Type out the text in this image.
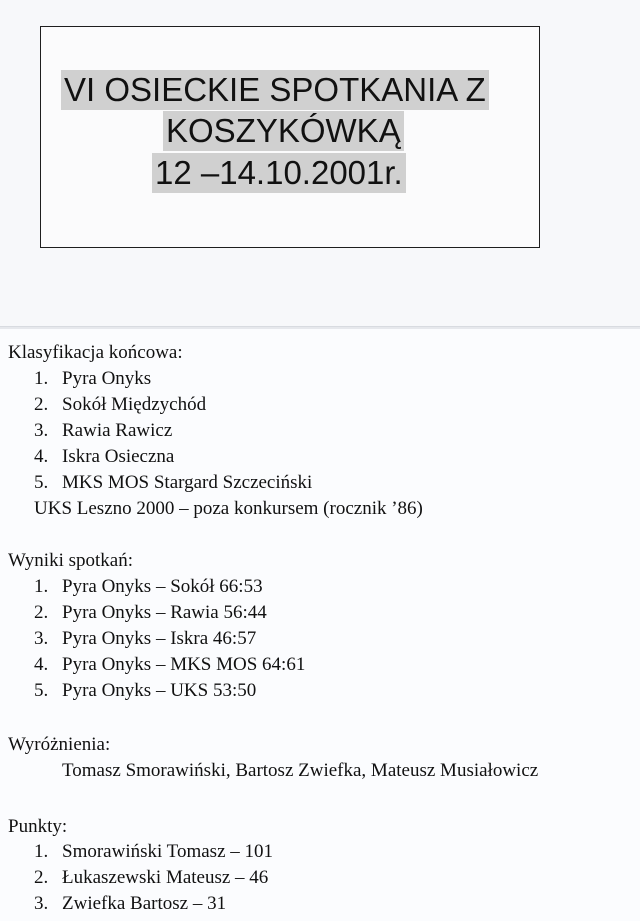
VI OSIECKIE SPOTKANIA Z
KOSZYKÓWKĄ
12 –14.10.2001r.
Klasyfikacja końcowa:
1. Pyra Onyks
2. Sokół Międzychód
3. Rawia Rawicz
4. Iskra Osieczna
5. MKS MOS Stargard Szczeciński
UKS Leszno 2000 – poza konkursem (rocznik ’86)
Wyniki spotkań:
1. Pyra Onyks – Sokół 66:53
2. Pyra Onyks – Rawia 56:44
3. Pyra Onyks – Iskra 46:57
4. Pyra Onyks – MKS MOS 64:61
5. Pyra Onyks – UKS 53:50
Wyróżnienia:
Tomasz Smorawiński, Bartosz Zwiefka, Mateusz Musiałowicz
Punkty:
1. Smorawiński Tomasz – 101
2. Łukaszewski Mateusz – 46
3. Zwiefka Bartosz – 31
